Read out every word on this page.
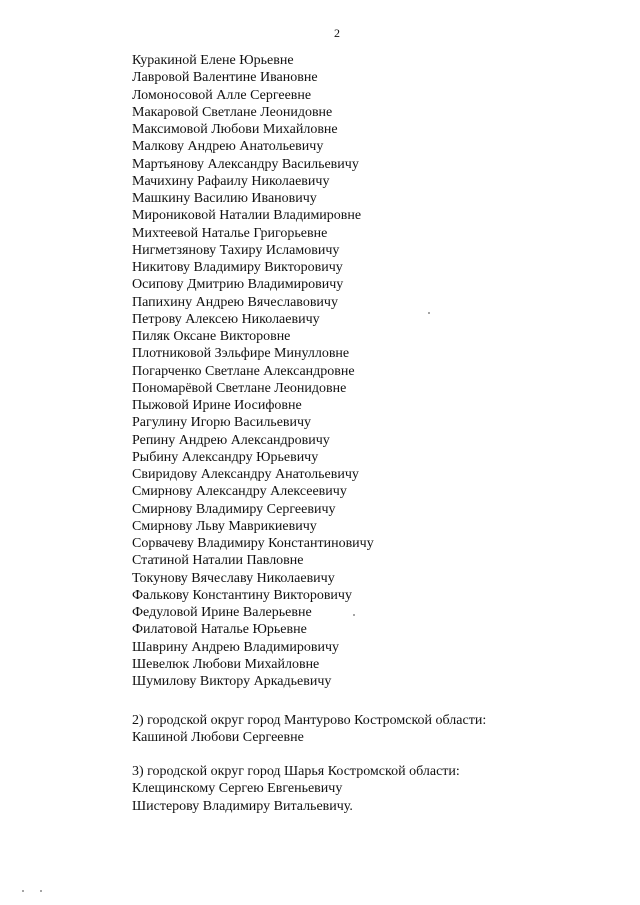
2
Куракиной Елене Юрьевне
Лавровой Валентине Ивановне
Ломоносовой Алле Сергеевне
Макаровой Светлане Леонидовне
Максимовой Любови Михайловне
Малкову Андрею Анатольевичу
Мартьянову Александру Васильевичу
Мачихину Рафаилу Николаевичу
Машкину Василию Ивановичу
Мироникoвой Наталии Владимировне
Михтеевой Наталье Григорьевне
Нигметзянову Тахиру Исламовичу
Никитову Владимиру Викторовичу
Осипову Дмитрию Владимировичу
Папихину Андрею Вячеславовичу
Петрову Алексею Николаевичу
Пиляк Оксане Викторовне
Плотниковой Зэльфире Минулловне
Погарченко Светлане Александровне
Пономарёвой Светлане Леонидовне
Пыжовой Ирине Иосифовне
Рагулину Игорю Васильевичу
Репину Андрею Александровичу
Рыбину Александру Юрьевичу
Свиридову Александру Анатольевичу
Смирнову Александру Алексеевичу
Смирнову Владимиру Сергеевичу
Смирнову Льву Маврикиевичу
Сорвачеву Владимиру Константиновичу
Статиной Наталии Павловне
Токунову Вячеславу Николаевичу
Фалькову Константину Викторовичу
Федуловой Ирине Валерьевне
Филатовой Наталье Юрьевне
Шаврину Андрею Владимировичу
Шевелюк Любови Михайловне
Шумилову Виктору Аркадьевичу
2) городской округ город Мантурово Костромской области:
Кашиной Любови Сергеевне
3) городской округ город Шарья Костромской области:
Клещинскому Сергею Евгеньевичу
Шистерову Владимиру Витальевичу.
